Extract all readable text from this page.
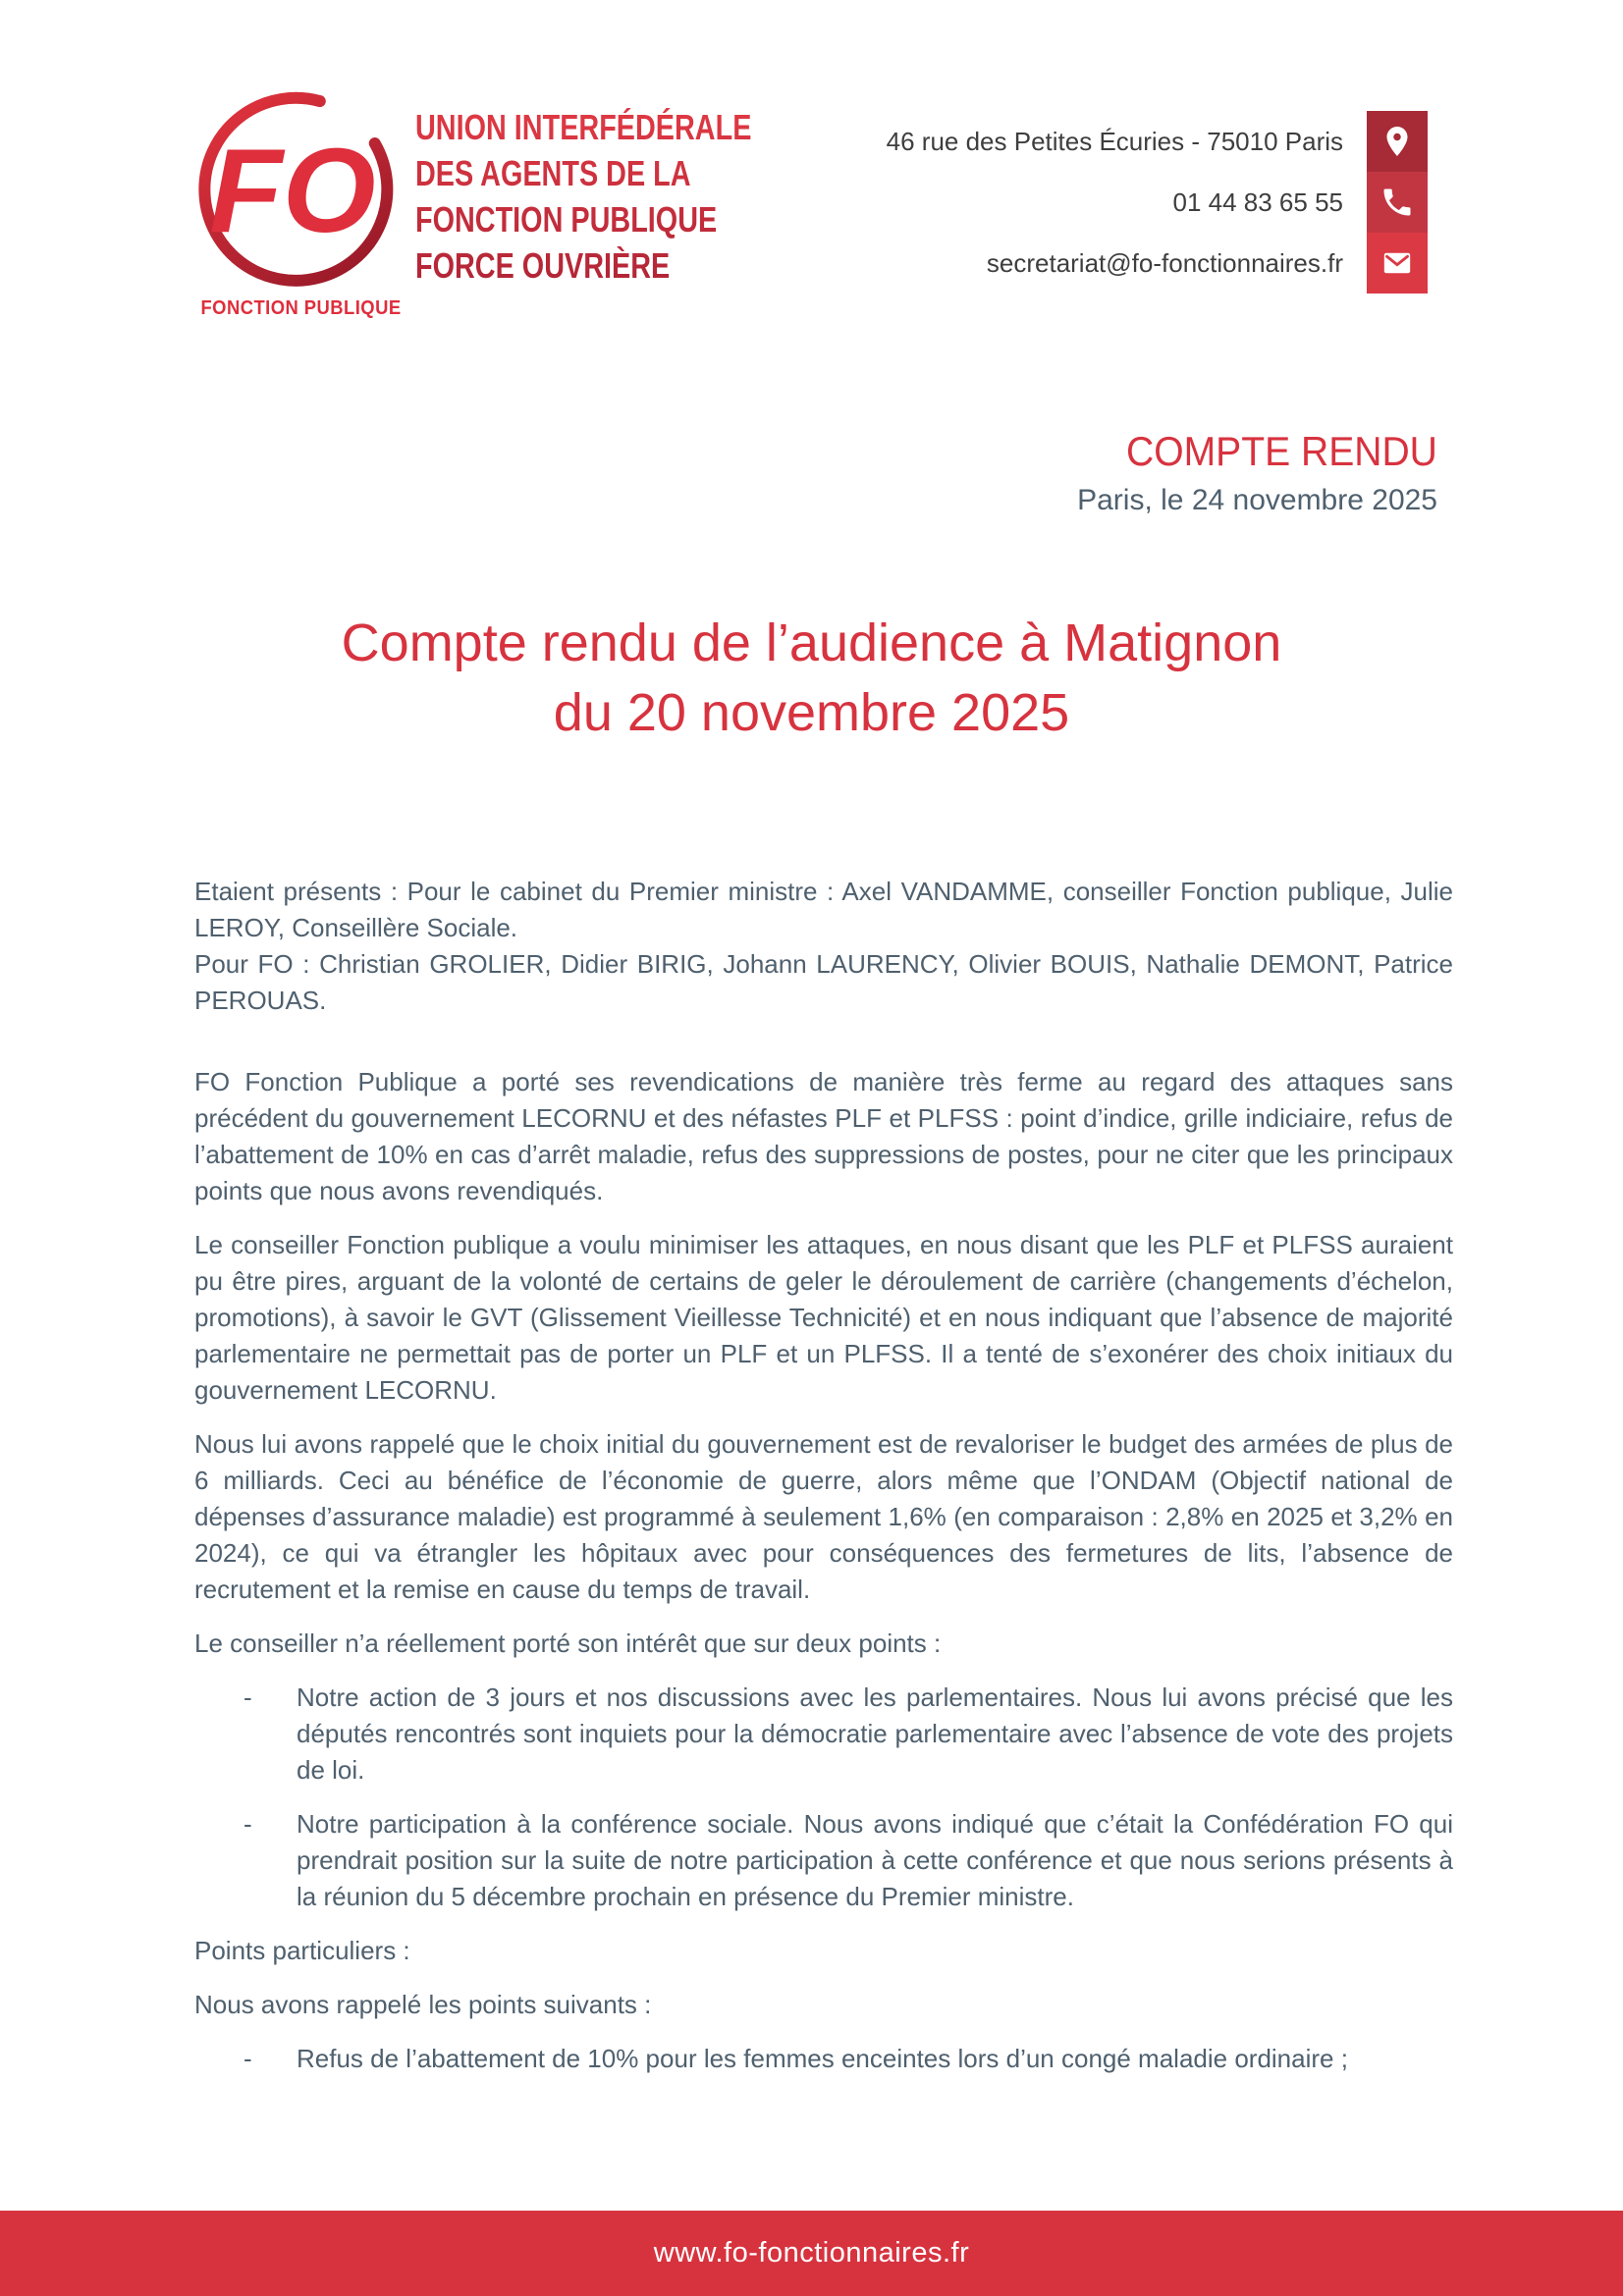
FO
FONCTION PUBLIQUE
UNION INTERFÉDÉRALE
DES AGENTS DE LA
FONCTION PUBLIQUE
FORCE OUVRIÈRE
46 rue des Petites Écuries - 75010 Paris
01 44 83 65 55
secretariat@fo-fonctionnaires.fr
COMPTE RENDU
Paris, le 24 novembre 2025
Compte rendu de l’audience à Matignon
du 20 novembre 2025

Etaient présents : Pour le cabinet du Premier ministre : Axel VANDAMME, conseiller Fonction publique, Julie LEROY, Conseillère Sociale.
Pour FO : Christian GROLIER, Didier BIRIG, Johann LAURENCY, Olivier BOUIS, Nathalie DEMONT, Patrice PEROUAS.

FO Fonction Publique a porté ses revendications de manière très ferme au regard des attaques sans précédent du gouvernement LECORNU et des néfastes PLF et PLFSS : point d’indice, grille indiciaire, refus de l’abattement de 10% en cas d’arrêt maladie, refus des suppressions de postes, pour ne citer que les principaux points que nous avons revendiqués.

Le conseiller Fonction publique a voulu minimiser les attaques, en nous disant que les PLF et PLFSS auraient pu être pires, arguant de la volonté de certains de geler le déroulement de carrière (changements d’échelon, promotions), à savoir le GVT (Glissement Vieillesse Technicité) et en nous indiquant que l’absence de majorité parlementaire ne permettait pas de porter un PLF et un PLFSS. Il a tenté de s’exonérer des choix initiaux du gouvernement LECORNU.

Nous lui avons rappelé que le choix initial du gouvernement est de revaloriser le budget des armées de plus de 6 milliards. Ceci au bénéfice de l’économie de guerre, alors même que l’ONDAM (Objectif national de dépenses d’assurance maladie) est programmé à seulement 1,6% (en comparaison : 2,8% en 2025 et 3,2% en 2024), ce qui va étrangler les hôpitaux avec pour conséquences des fermetures de lits, l’absence de recrutement et la remise en cause du temps de travail.

Le conseiller n’a réellement porté son intérêt que sur deux points :

-	Notre action de 3 jours et nos discussions avec les parlementaires. Nous lui avons précisé que les députés rencontrés sont inquiets pour la démocratie parlementaire avec l’absence de vote des projets de loi.
-	Notre participation à la conférence sociale. Nous avons indiqué que c’était la Confédération FO qui prendrait position sur la suite de notre participation à cette conférence et que nous serions présents à la réunion du 5 décembre prochain en présence du Premier ministre.

Points particuliers :

Nous avons rappelé les points suivants :

-	Refus de l’abattement de 10% pour les femmes enceintes lors d’un congé maladie ordinaire ;
www.fo-fonctionnaires.fr
